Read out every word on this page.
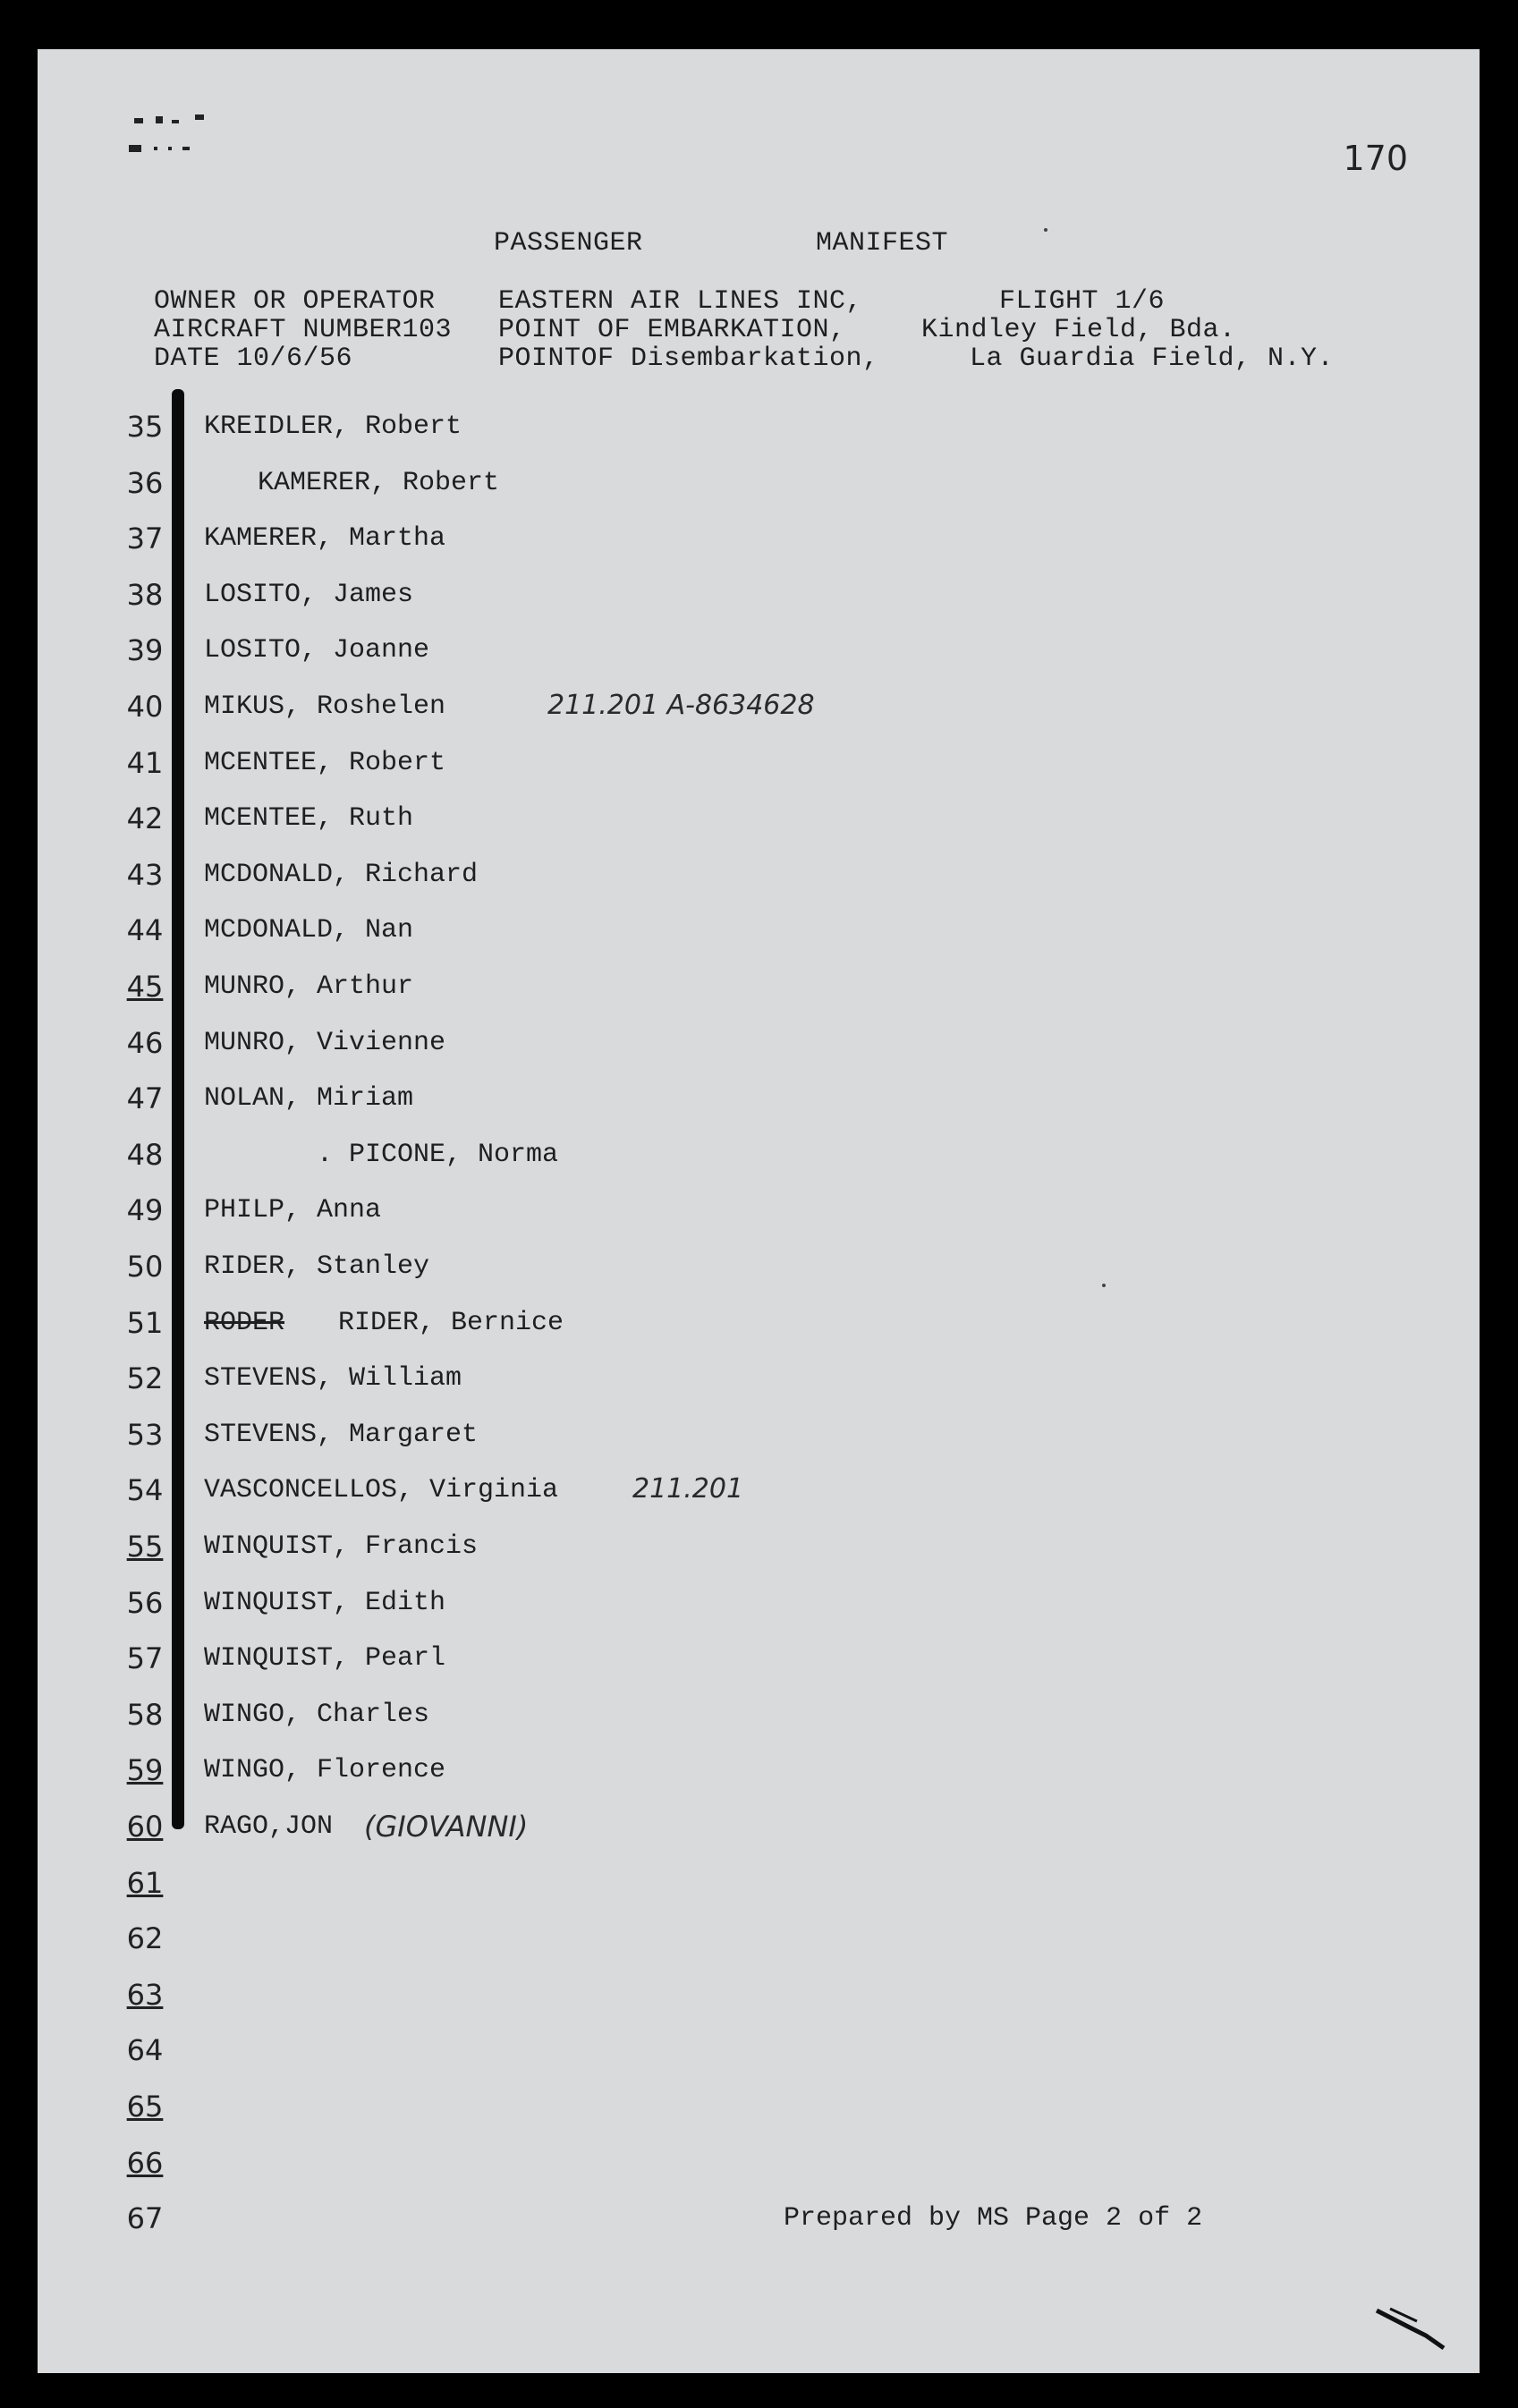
170
PASSENGER	MANIFEST
OWNER OR OPERATOR EASTERN AIR LINES INC,	FLIGHT 1/6
AIRCRAFT NUMBER103 POINT OF EMBARKATION,	Kindley Field, Bda.
DATE 10/6/56	POINTOF Disembarkation,	La Guardia Field, N.Y.
35	KREIDLER, Robert
36	KAMERER, Robert
37	KAMERER, Martha
38	LOSITO, James
39	LOSITO, Joanne
40	MIKUS, Roshelen	211.201 A-8634628
41	MCENTEE, Robert
42	MCENTEE, Ruth
43	MCDONALD, Richard
44	MCDONALD, Nan
45	MUNRO, Arthur
46	MUNRO, Vivienne
47	NOLAN, Miriam
48	. PICONE, Norma
49	PHILP, Anna
50	RIDER, Stanley
51	RODER RIDER, Bernice
52	STEVENS, William
53	STEVENS, Margaret
54	VASCONCELLOS, Virginia	211.201
55	WINQUIST, Francis
56	WINQUIST, Edith
57	WINQUIST, Pearl
58	WINGO, Charles
59	WINGO, Florence
60	RAGO,JON (GIOVANNI)
61
62
63
64
65
66
67	Prepared by MS Page 2 of 2
